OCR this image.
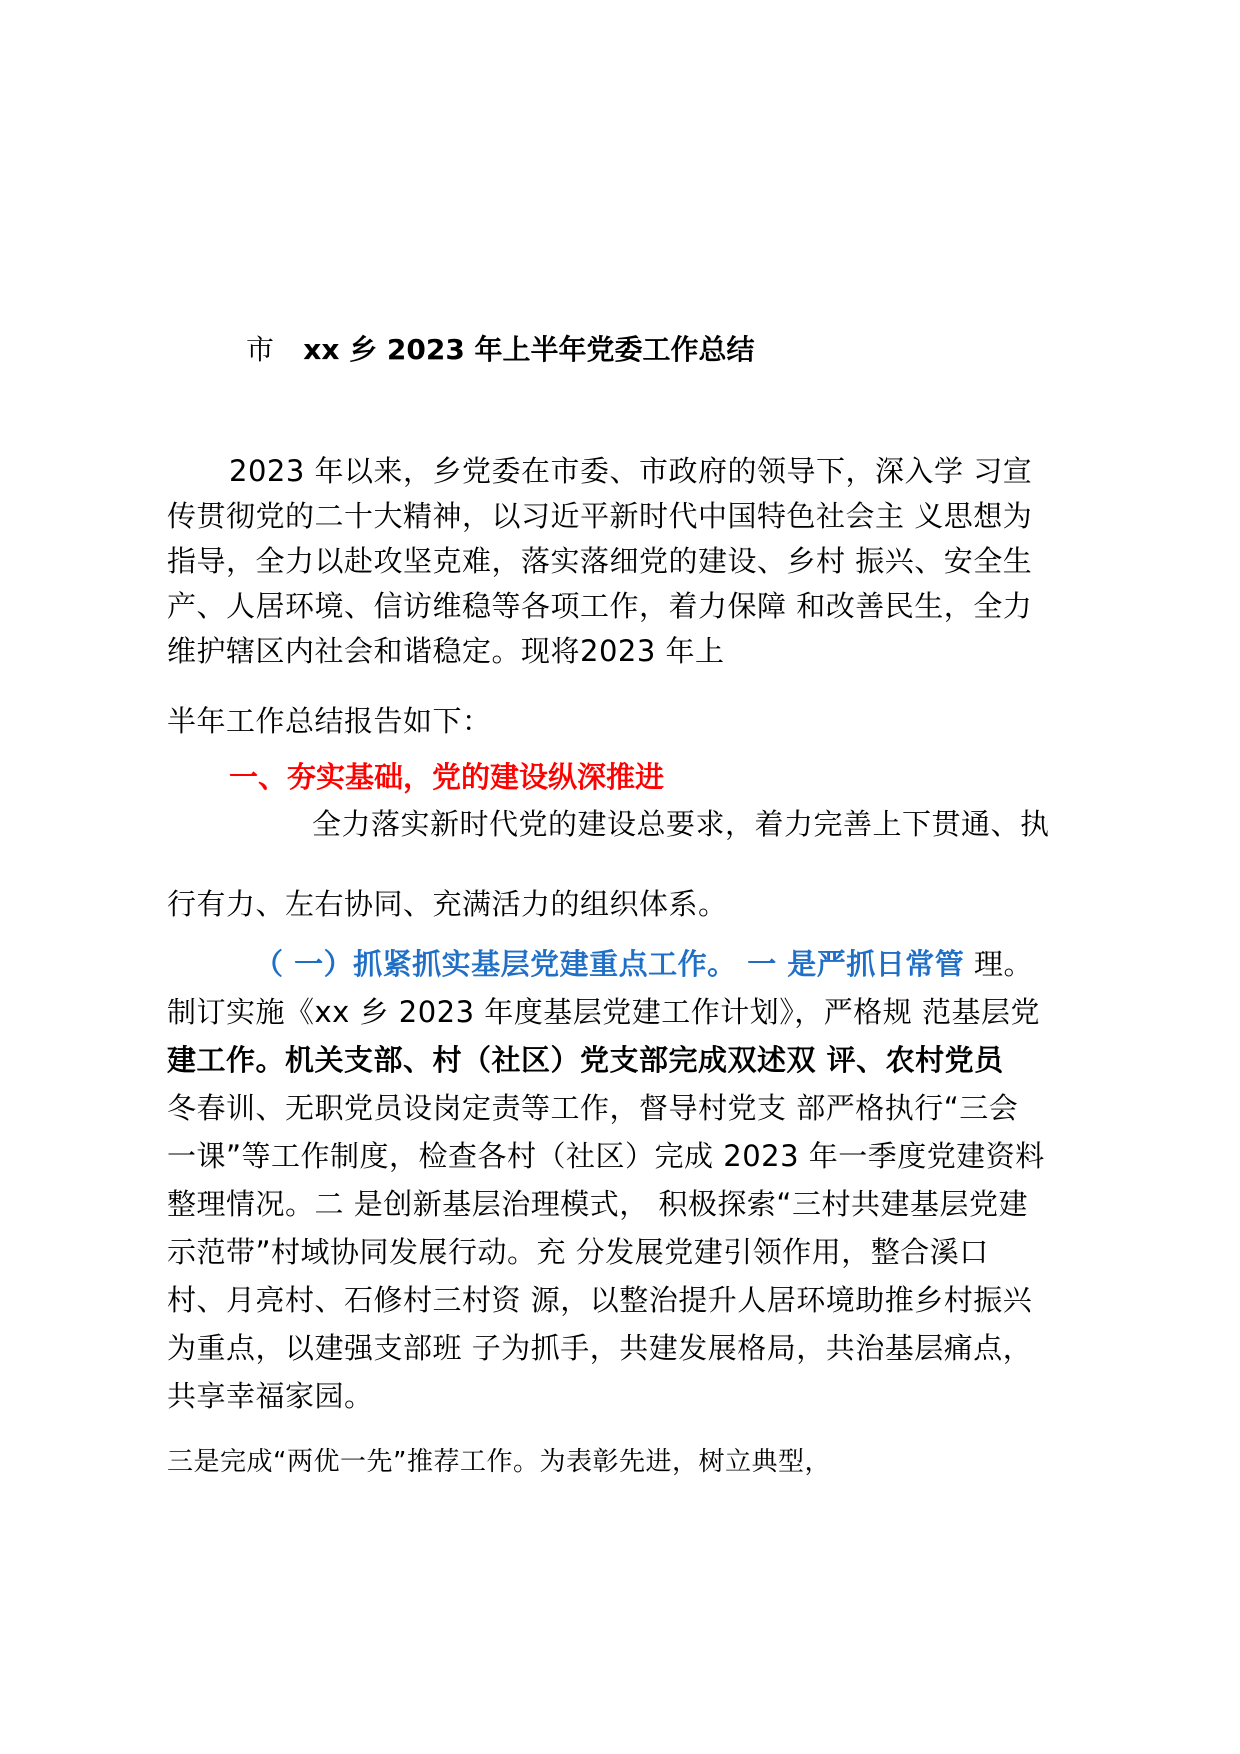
市 xx 乡 2023 年上半年党委工作总结
2023 年以来，乡党委在市委、市政府的领导下，深入学 习宣
传贯彻党的二十大精神，以习近平新时代中国特色社会主 义思想为
指导，全力以赴攻坚克难，落实落细党的建设、乡村 振兴、安全生
产、人居环境、信访维稳等各项工作，着力保障 和改善民生，全力
维护辖区内社会和谐稳定。现将2023 年上
半年工作总结报告如下：
一、夯实基础，党的建设纵深推进
全力落实新时代党的建设总要求，着力完善上下贯通、执
行有力、左右协同、充满活力的组织体系。
（ 一）抓紧抓实基层党建重点工作。 一 是严抓日常管 理。
制订实施《xx 乡 2023 年度基层党建工作计划》，严格规 范基层党
建工作。机关支部、村（社区）党支部完成双述双 评、农村党员
冬春训、无职党员设岗定责等工作，督导村党支 部严格执行“三会
一课”等工作制度，检查各村（社区）完成 2023 年一季度党建资料
整理情况。二 是创新基层治理模式， 积极探索“三村共建基层党建
示范带”村域协同发展行动。充 分发展党建引领作用，整合溪口
村、月亮村、石修村三村资 源，以整治提升人居环境助推乡村振兴
为重点，以建强支部班 子为抓手，共建发展格局，共治基层痛点，
共享幸福家园。
三是完成“两优一先”推荐工作。为表彰先进，树立典型，
